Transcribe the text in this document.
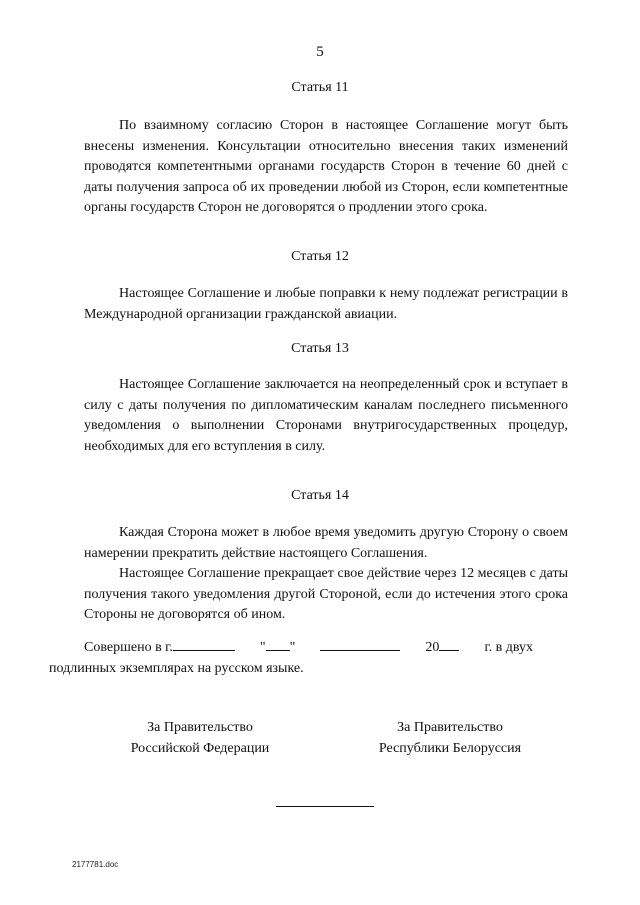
5
Статья 11
По взаимному согласию Сторон в настоящее Соглашение могут быть внесены изменения. Консультации относительно внесения таких изменений проводятся компетентными органами государств Сторон в течение 60 дней с даты получения запроса об их проведении любой из Сторон, если компетентные органы государств Сторон не договорятся о продлении этого срока.
Статья 12
Настоящее Соглашение и любые поправки к нему подлежат регистрации в Международной организации гражданской авиации.
Статья 13
Настоящее Соглашение заключается на неопределенный срок и вступает в силу с даты получения по дипломатическим каналам последнего письменного уведомления о выполнении Сторонами внутригосударственных процедур, необходимых для его вступления в силу.
Статья 14
Каждая Сторона может в любое время уведомить другую Сторону о своем намерении прекратить действие настоящего Соглашения.
Настоящее Соглашение прекращает свое действие через 12 месяцев с даты получения такого уведомления другой Стороной, если до истечения этого срока Стороны не договорятся об ином.
Совершено в г.	" "	20	г. в двух
подлинных экземплярах на русском языке.
За Правительство
Российской Федерации
За Правительство
Республики Белоруссия
2177781.doc
